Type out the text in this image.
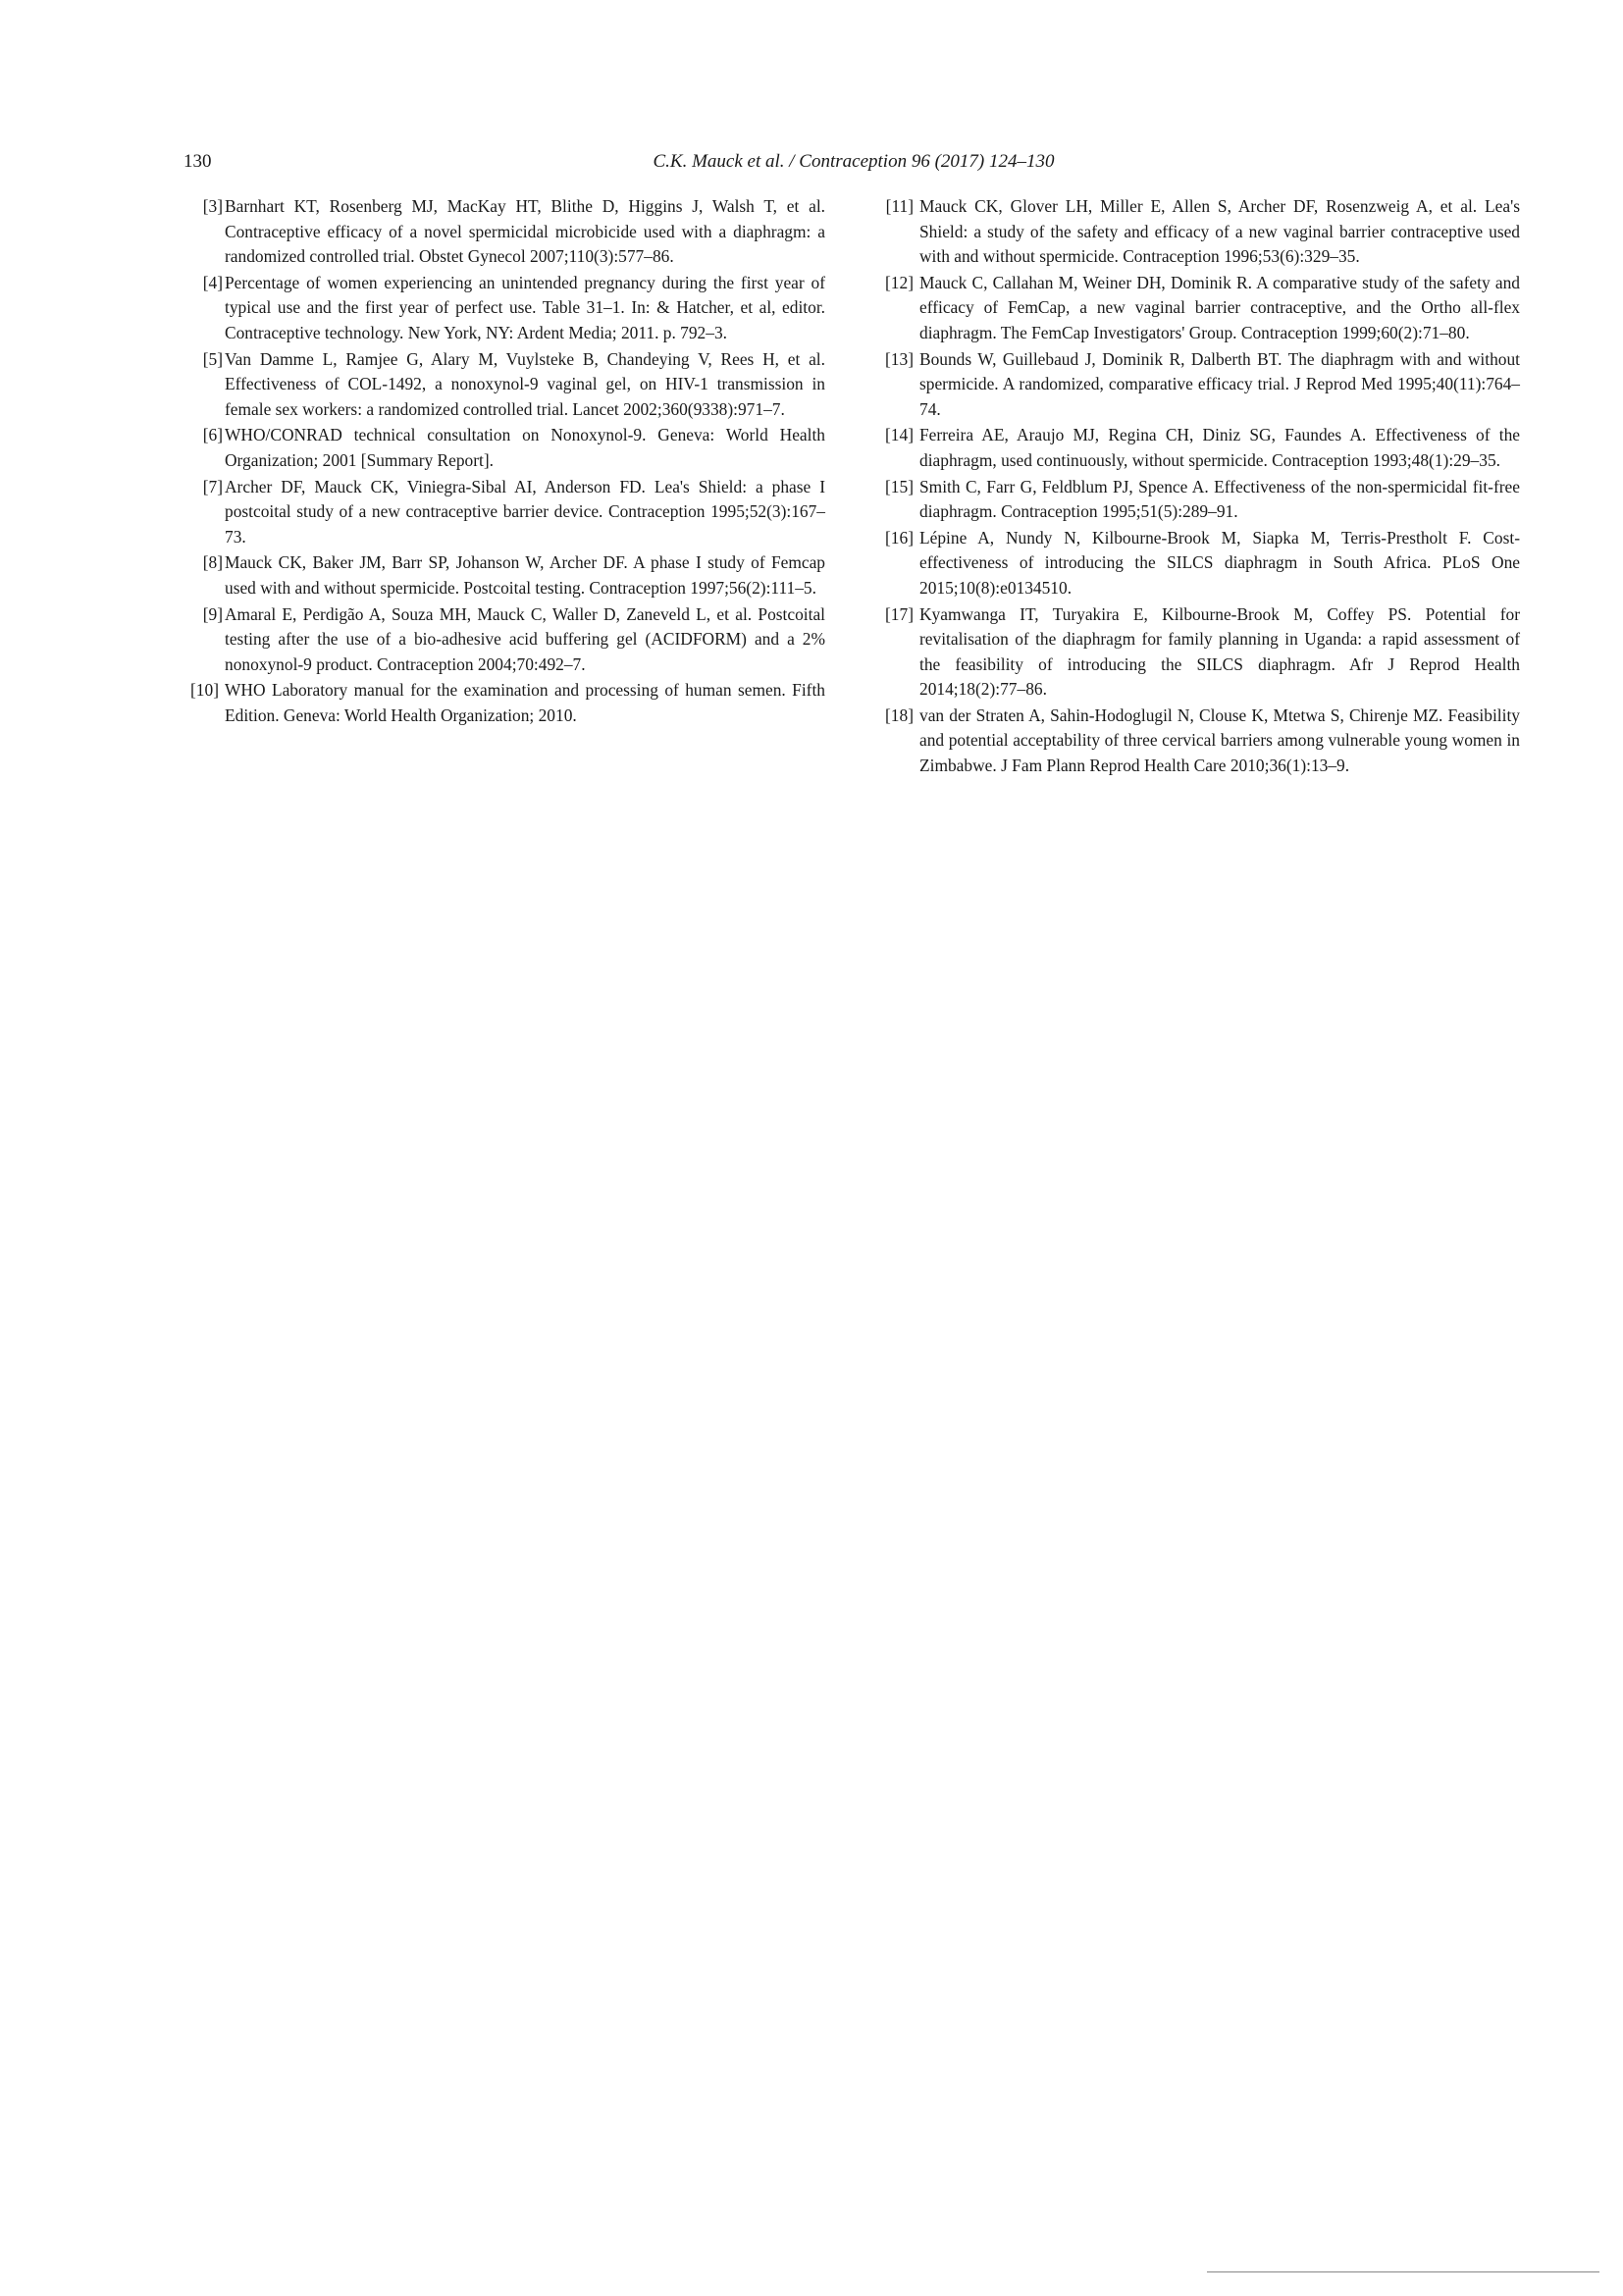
130	C.K. Mauck et al. / Contraception 96 (2017) 124–130
[3] Barnhart KT, Rosenberg MJ, MacKay HT, Blithe D, Higgins J, Walsh T, et al. Contraceptive efficacy of a novel spermicidal microbicide used with a diaphragm: a randomized controlled trial. Obstet Gynecol 2007;110(3):577–86.
[4] Percentage of women experiencing an unintended pregnancy during the first year of typical use and the first year of perfect use. Table 31–1. In: & Hatcher, et al, editor. Contraceptive technology. New York, NY: Ardent Media; 2011. p. 792–3.
[5] Van Damme L, Ramjee G, Alary M, Vuylsteke B, Chandeying V, Rees H, et al. Effectiveness of COL-1492, a nonoxynol-9 vaginal gel, on HIV-1 transmission in female sex workers: a randomized controlled trial. Lancet 2002;360(9338):971–7.
[6] WHO/CONRAD technical consultation on Nonoxynol-9. Geneva: World Health Organization; 2001 [Summary Report].
[7] Archer DF, Mauck CK, Viniegra-Sibal AI, Anderson FD. Lea's Shield: a phase I postcoital study of a new contraceptive barrier device. Contraception 1995;52(3):167–73.
[8] Mauck CK, Baker JM, Barr SP, Johanson W, Archer DF. A phase I study of Femcap used with and without spermicide. Postcoital testing. Contraception 1997;56(2):111–5.
[9] Amaral E, Perdigão A, Souza MH, Mauck C, Waller D, Zaneveld L, et al. Postcoital testing after the use of a bio-adhesive acid buffering gel (ACIDFORM) and a 2% nonoxynol-9 product. Contraception 2004;70:492–7.
[10] WHO Laboratory manual for the examination and processing of human semen. Fifth Edition. Geneva: World Health Organization; 2010.
[11] Mauck CK, Glover LH, Miller E, Allen S, Archer DF, Rosenzweig A, et al. Lea's Shield: a study of the safety and efficacy of a new vaginal barrier contraceptive used with and without spermicide. Contraception 1996;53(6):329–35.
[12] Mauck C, Callahan M, Weiner DH, Dominik R. A comparative study of the safety and efficacy of FemCap, a new vaginal barrier contraceptive, and the Ortho all-flex diaphragm. The FemCap Investigators' Group. Contraception 1999;60(2):71–80.
[13] Bounds W, Guillebaud J, Dominik R, Dalberth BT. The diaphragm with and without spermicide. A randomized, comparative efficacy trial. J Reprod Med 1995;40(11):764–74.
[14] Ferreira AE, Araujo MJ, Regina CH, Diniz SG, Faundes A. Effectiveness of the diaphragm, used continuously, without spermicide. Contraception 1993;48(1):29–35.
[15] Smith C, Farr G, Feldblum PJ, Spence A. Effectiveness of the non-spermicidal fit-free diaphragm. Contraception 1995;51(5):289–91.
[16] Lépine A, Nundy N, Kilbourne-Brook M, Siapka M, Terris-Prestholt F. Cost-effectiveness of introducing the SILCS diaphragm in South Africa. PLoS One 2015;10(8):e0134510.
[17] Kyamwanga IT, Turyakira E, Kilbourne-Brook M, Coffey PS. Potential for revitalisation of the diaphragm for family planning in Uganda: a rapid assessment of the feasibility of introducing the SILCS diaphragm. Afr J Reprod Health 2014;18(2):77–86.
[18] van der Straten A, Sahin-Hodoglugil N, Clouse K, Mtetwa S, Chirenje MZ. Feasibility and potential acceptability of three cervical barriers among vulnerable young women in Zimbabwe. J Fam Plann Reprod Health Care 2010;36(1):13–9.
